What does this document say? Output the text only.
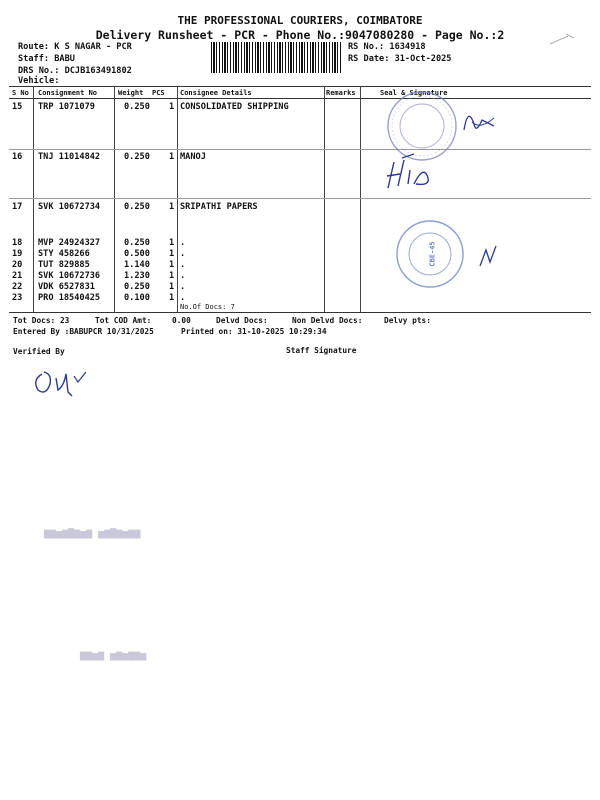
THE PROFESSIONAL COURIERS, COIMBATORE
Delivery Runsheet - PCR - Phone No.:9047080280 - Page No.:2
Route: K S NAGAR - PCR
Staff: BABU
DRS No.: DCJB163491802
Vehicle:
RS No.: 1634918
RS Date: 31-Oct-2025
S No Consignment No	Weight PCS Consignee Details	Remarks	Seal & Signature
15 TRP 1071079	0.250 1 CONSOLIDATED SHIPPING
16 TNJ 11014842	0.250 1 MANOJ
17 SVK 10672734	0.250 1 SRIPATHI PAPERS
18 MVP 24924327	0.250 1 .
19 STY 458266	0.500 1 .
20 TUT 829885	1.140 1 .
21 SVK 10672736	1.230 1 .
22 VDK 6527831	0.250 1 .
23 PRO 18540425	0.100 1 .
No.Of Docs: 7
CBE-45
Tot Docs: 23	Tot COD Amt:	0.00	Delvd Docs:	Non Delvd Docs:	Delvy pts:
Entered By :BABUPCR 10/31/2025	Printed on: 31-10-2025 10:29:34
Verified By	Staff Signature
▆▆▅▆▇▆▅ ▆▅▆▇▆▅▆▆
▅▆▆▅▆▅ ▆▅▆▆
